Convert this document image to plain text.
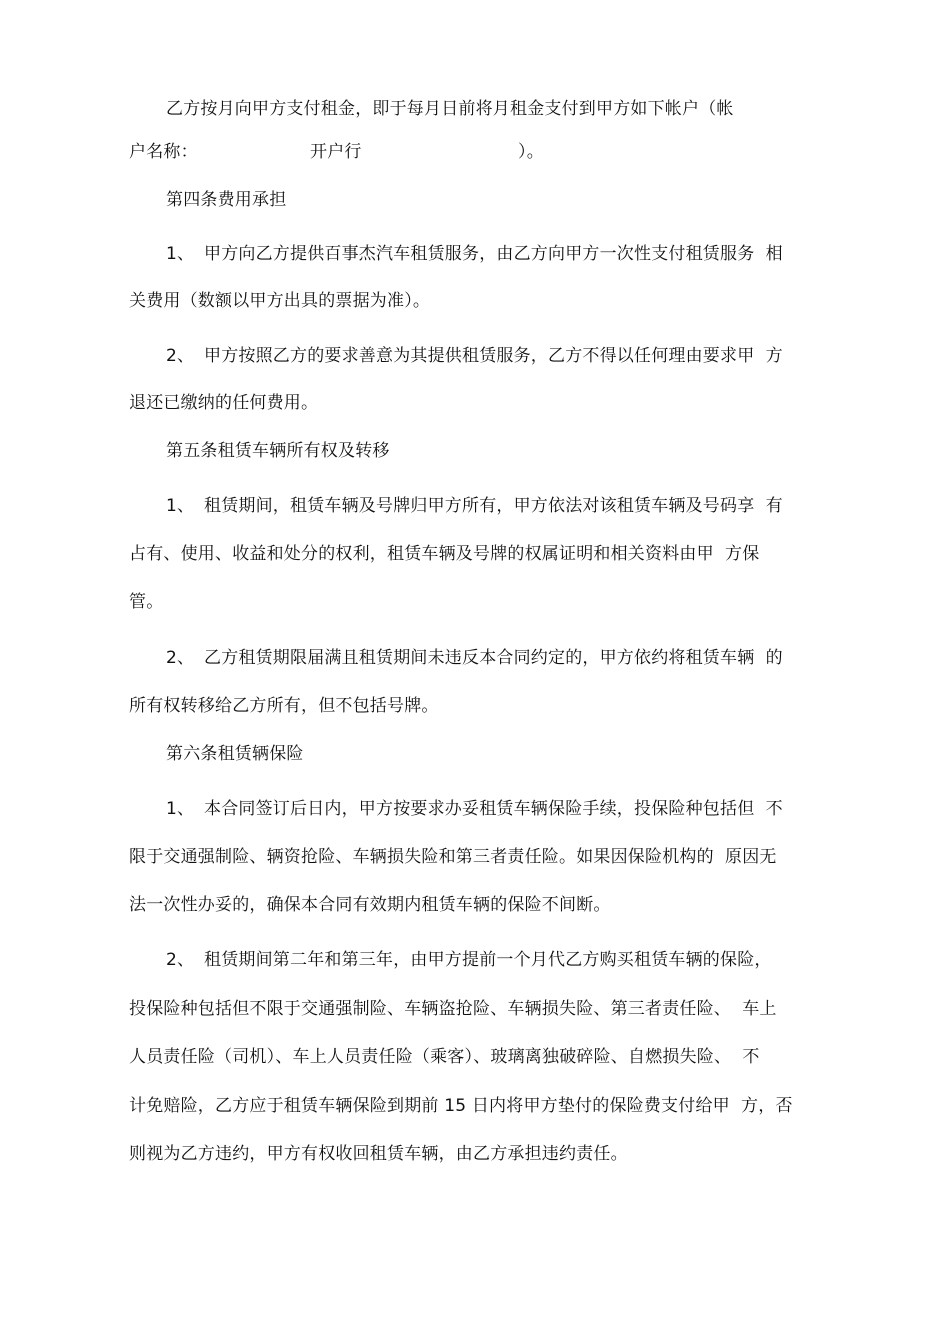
乙方按月向甲方支付租金，即于每月日前将月租金支付到甲方如下帐户（帐
户名称：	开户行	）。
第四条费用承担
1、 甲方向乙方提供百事杰汽车租赁服务，由乙方向甲方一次性支付租赁服务  相
关费用（数额以甲方出具的票据为准）。
2、 甲方按照乙方的要求善意为其提供租赁服务，乙方不得以任何理由要求甲  方
退还已缴纳的任何费用。
第五条租赁车辆所有权及转移
1、 租赁期间，租赁车辆及号牌归甲方所有，甲方依法对该租赁车辆及号码享  有
占有、使用、收益和处分的权利，租赁车辆及号牌的权属证明和相关资料由甲  方保
管。
2、 乙方租赁期限届满且租赁期间未违反本合同约定的，甲方依约将租赁车辆  的
所有权转移给乙方所有，但不包括号牌。
第六条租赁辆保险
1、 本合同签订后日内，甲方按要求办妥租赁车辆保险手续，投保险种包括但  不
限于交通强制险、辆资抢险、车辆损失险和第三者责任险。如果因保险机构的  原因无
法一次性办妥的，确保本合同有效期内租赁车辆的保险不间断。
2、 租赁期间第二年和第三年，由甲方提前一个月代乙方购买租赁车辆的保险，
投保险种包括但不限于交通强制险、车辆盗抢险、车辆损失险、第三者责任险、  车上
人员责任险（司机）、车上人员责任险（乘客）、玻璃离独破碎险、自燃损失险、  不
计免赔险，乙方应于租赁车辆保险到期前 15 日内将甲方垫付的保险费支付给甲  方，否
则视为乙方违约，甲方有权收回租赁车辆，由乙方承担违约责任。
